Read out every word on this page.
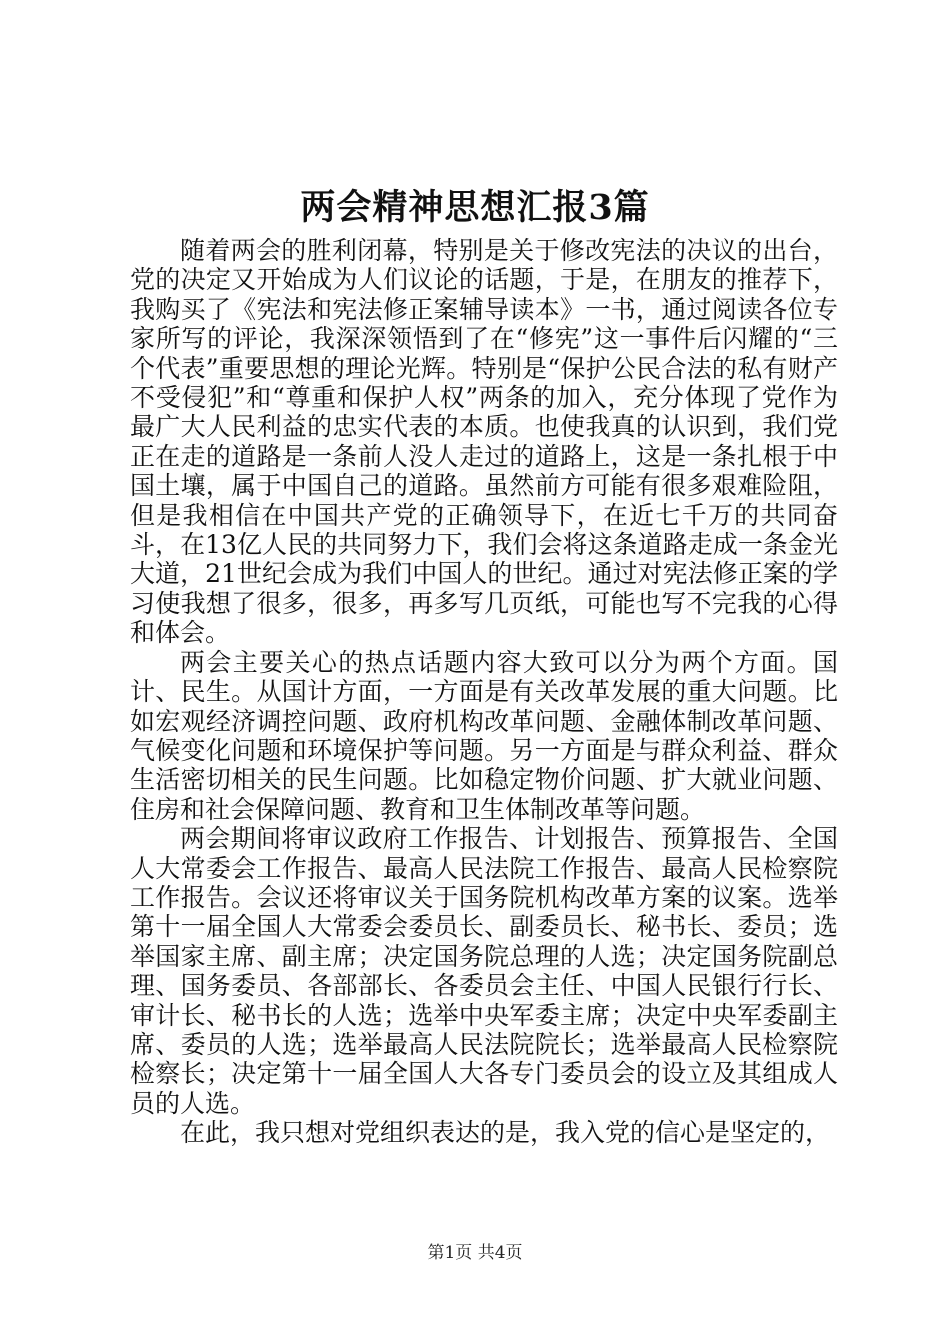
两会精神思想汇报3篇

随着两会的胜利闭幕，特别是关于修改宪法的决议的出台，党的决定又开始成为人们议论的话题，于是，在朋友的推荐下，我购买了《宪法和宪法修正案辅导读本》一书，通过阅读各位专家所写的评论，我深深领悟到了在“修宪”这一事件后闪耀的“三个代表”重要思想的理论光辉。特别是“保护公民合法的私有财产不受侵犯”和“尊重和保护人权”两条的加入，充分体现了党作为最广大人民利益的忠实代表的本质。也使我真的认识到，我们党正在走的道路是一条前人没人走过的道路上，这是一条扎根于中国土壤，属于中国自己的道路。虽然前方可能有很多艰难险阻，但是我相信在中国共产党的正确领导下，在近七千万的共同奋斗，在13亿人民的共同努力下，我们会将这条道路走成一条金光大道，21世纪会成为我们中国人的世纪。通过对宪法修正案的学习使我想了很多，很多，再多写几页纸，可能也写不完我的心得和体会。

两会主要关心的热点话题内容大致可以分为两个方面。国计、民生。从国计方面，一方面是有关改革发展的重大问题。比如宏观经济调控问题、政府机构改革问题、金融体制改革问题、气候变化问题和环境保护等问题。另一方面是与群众利益、群众生活密切相关的民生问题。比如稳定物价问题、扩大就业问题、住房和社会保障问题、教育和卫生体制改革等问题。

两会期间将审议政府工作报告、计划报告、预算报告、全国人大常委会工作报告、最高人民法院工作报告、最高人民检察院工作报告。会议还将审议关于国务院机构改革方案的议案。选举第十一届全国人大常委会委员长、副委员长、秘书长、委员；选举国家主席、副主席；决定国务院总理的人选；决定国务院副总理、国务委员、各部部长、各委员会主任、中国人民银行行长、审计长、秘书长的人选；选举中央军委主席；决定中央军委副主席、委员的人选；选举最高人民法院院长；选举最高人民检察院检察长；决定第十一届全国人大各专门委员会的设立及其组成人员的人选。

在此，我只想对党组织表达的是，我入党的信心是坚定的，

第1页 共4页
